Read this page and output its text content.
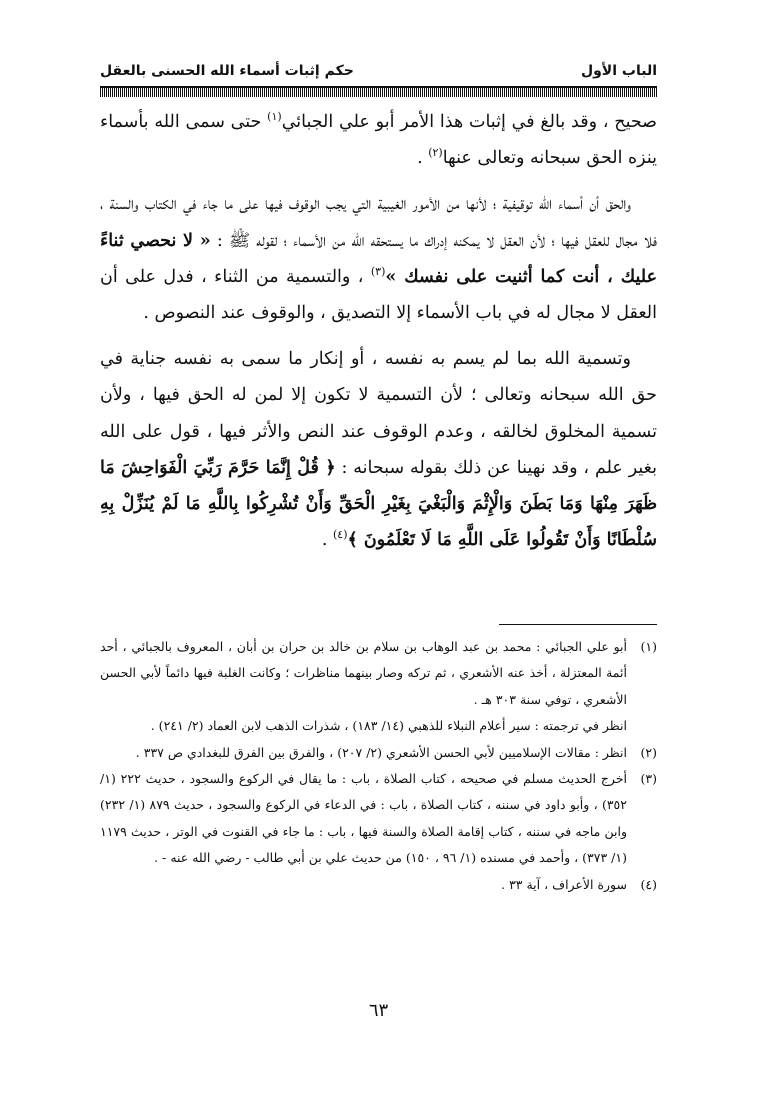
الباب الأول
حكم إثبات أسماء الله الحسنى بالعقل

صحيح ، وقد بالغ في إثبات هذا الأمر أبو علي الجبائي$^{(١)}$ حتى سمى الله بأسماء ينزه الحق سبحانه وتعالى عنها$^{(٢)}$ .

والحق أن أسماء الله توقيفية ؛ لأنها من الأمور الغيبية التي يجب الوقوف فيها على ما جاء في الكتاب والسنة ، فلا مجال للعقل فيها ؛ لأن العقل لا يمكنه إدراك ما يستحقه الله من الأسماء ؛ لقوله ﷺ : « لا نحصي ثناءً عليك ، أنت كما أثنيت على نفسك »$^{(٣)}$ ، والتسمية من الثناء ، فدل على أن العقل لا مجال له في باب الأسماء إلا التصديق ، والوقوف عند النصوص .

وتسمية الله بما لم يسم به نفسه ، أو إنكار ما سمى به نفسه جناية في حق الله سبحانه وتعالى ؛ لأن التسمية لا تكون إلا لمن له الحق فيها ، ولأن تسمية المخلوق لخالقه ، وعدم الوقوف عند النص والأثر فيها ، قول على الله بغير علم ، وقد نهينا عن ذلك بقوله سبحانه : ﴿ قُلْ إِنَّمَا حَرَّمَ رَبِّيَ الْفَوَاحِشَ مَا ظَهَرَ مِنْهَا وَمَا بَطَنَ وَالْإِثْمَ وَالْبَغْيَ بِغَيْرِ الْحَقِّ وَأَنْ تُشْرِكُوا بِاللَّهِ مَا لَمْ يُنَزِّلْ بِهِ سُلْطَانًا وَأَنْ تَقُولُوا عَلَى اللَّهِ مَا لَا تَعْلَمُونَ ﴾$^{(٤)}$ .

(١)

أبو علي الجبائي : محمد بن عبد الوهاب بن سلام بن خالد بن حران بن أبان ، المعروف بالجبائي ، أحد أئمة المعتزلة ، أخذ عنه الأشعري ، ثم تركه وصار بينهما مناظرات ؛ وكانت الغلبة فيها دائماً لأبي الحسن الأشعري ، توفي سنة ٣٠٣ هـ .

انظر في ترجمته : سير أعلام النبلاء للذهبي (١٤/ ١٨٣) ، شذرات الذهب لابن العماد (٢/ ٢٤١) .

(٢)

انظر : مقالات الإسلاميين لأبي الحسن الأشعري (٢/ ٢٠٧) ، والفرق بين الفرق للبغدادي ص ٣٣٧ .

(٣)

أخرج الحديث مسلم في صحيحه ، كتاب الصلاة ، باب : ما يقال في الركوع والسجود ، حديث ٢٢٢ (١/ ٣٥٢) ، وأبو داود في سننه ، كتاب الصلاة ، باب : في الدعاء في الركوع والسجود ، حديث ٨٧٩ (١/ ٢٣٢) وابن ماجه في سننه ، كتاب إقامة الصلاة والسنة فيها ، باب : ما جاء في القنوت في الوتر ، حديث ١١٧٩ (١/ ٣٧٣) ، وأحمد في مسنده (١/ ٩٦ ، ١٥٠) من حديث علي بن أبي طالب - رضي الله عنه - .

(٤)

سورة الأعراف ، آية ٣٣ .

٦٣
